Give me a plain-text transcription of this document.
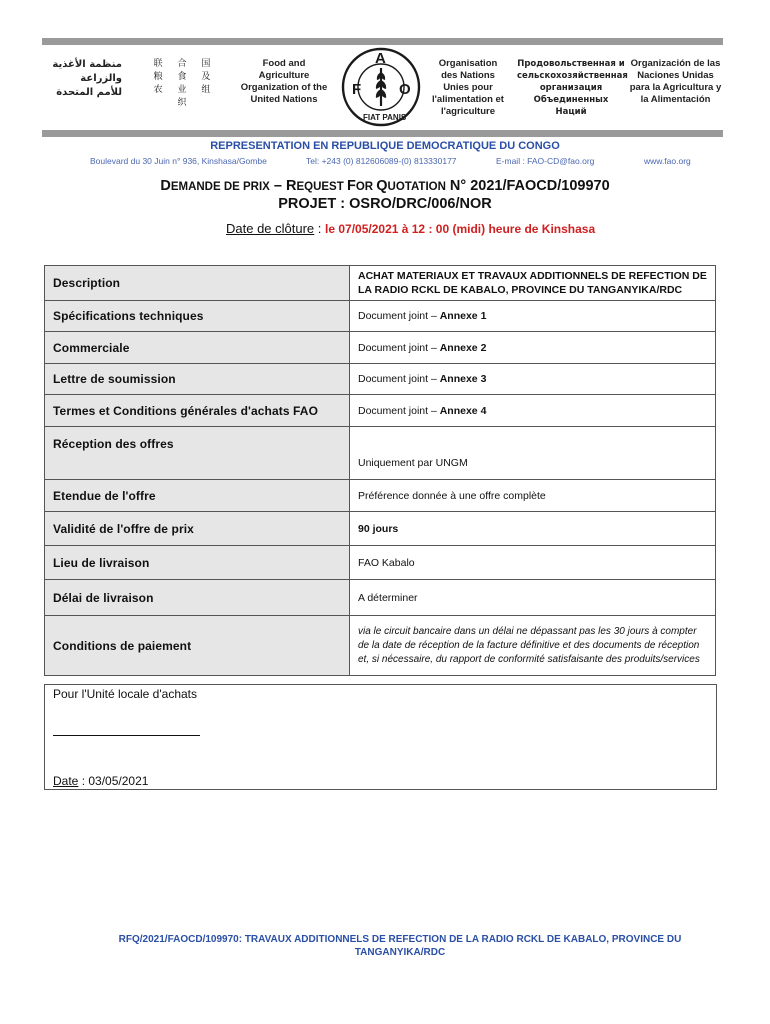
منظمة الأغذية والزراعة للأمم المتحدة
联 合 国 粮 食 及 农 业 组 织
Food and Agriculture Organization of the United Nations
F
A
O
FIAT PANIS
Organisation des Nations Unies pour l'alimentation et l'agriculture
Продовольственная и сельскохозяйственная организация Объединенных Наций
Organización de las Naciones Unidas para la Agricultura y la Alimentación
REPRESENTATION EN REPUBLIQUE DEMOCRATIQUE DU CONGO
Boulevard du 30 Juin n° 936, Kinshasa/Gombe	Tel: +243 (0) 812606089-(0) 813330177	E-mail : FAO-CD@fao.org	www.fao.org
DEMANDE DE PRIX – REQUEST FOR QUOTATION N° 2021/FAOCD/109970
PROJET : OSRO/DRC/006/NOR
Date de clôture : le 07/05/2021 à 12 : 00 (midi) heure de Kinshasa
Description	ACHAT MATERIAUX ET TRAVAUX ADDITIONNELS DE REFECTION DE LA RADIO RCKL DE KABALO, PROVINCE DU TANGANYIKA/RDC
Spécifications techniques	Document joint – Annexe 1
Commerciale	Document joint – Annexe 2
Lettre de soumission	Document joint – Annexe 3
Termes et Conditions générales d'achats FAO	Document joint – Annexe 4
Réception des offres	Uniquement par UNGM
Etendue de l'offre	Préférence donnée à une offre complète
Validité de l'offre de prix	90 jours
Lieu de livraison	FAO Kabalo
Délai de livraison	A déterminer
Conditions de paiement	via le circuit bancaire dans un délai ne dépassant pas les 30 jours à compter de la date de réception de la facture définitive et des documents de réception et, si nécessaire, du rapport de conformité satisfaisante des produits/services
Pour l'Unité locale d'achats
Date : 03/05/2021
RFQ/2021/FAOCD/109970: TRAVAUX ADDITIONNELS DE REFECTION DE LA RADIO RCKL DE KABALO, PROVINCE DU TANGANYIKA/RDC
